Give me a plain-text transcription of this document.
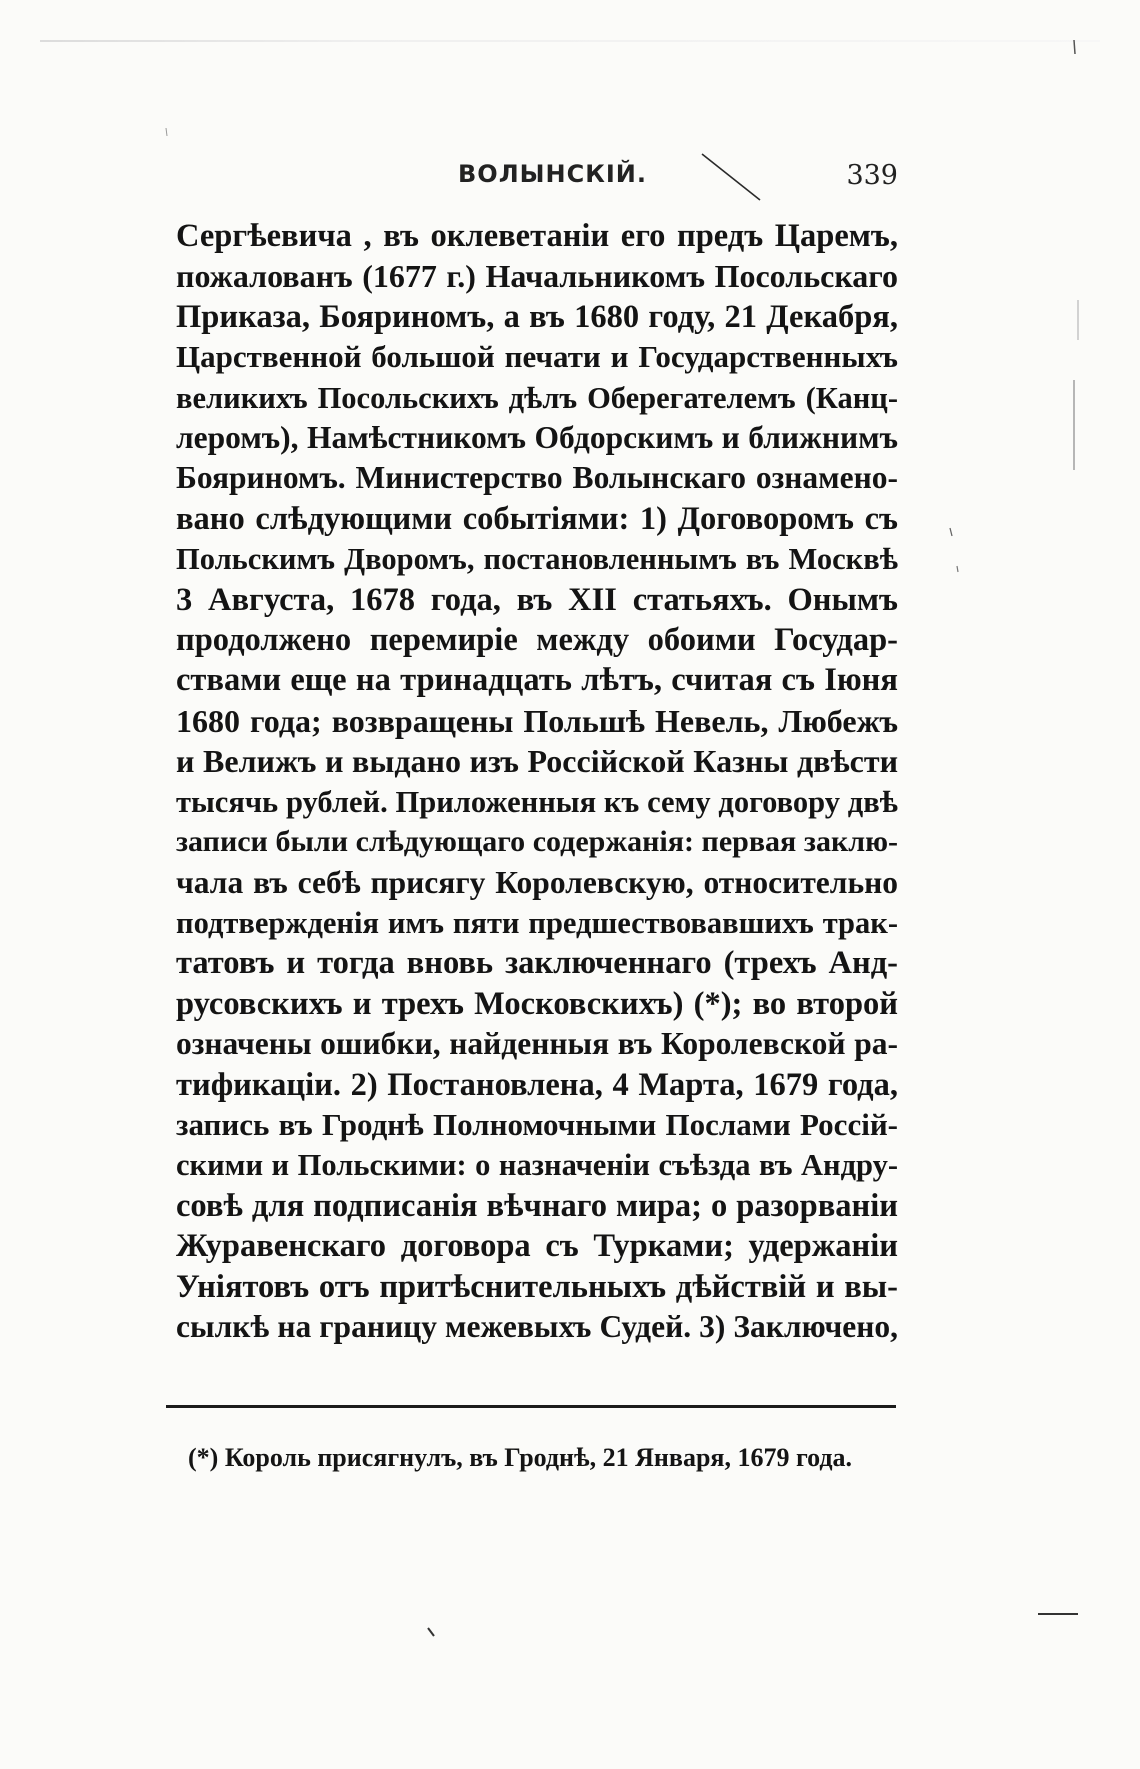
ВОЛЫНСКІЙ.	339
Сергѣевича , въ оклеветаніи его предъ Царемъ,
пожалованъ (1677 г.) Начальникомъ Посольскаго
Приказа, Бояриномъ, а въ 1680 году, 21 Декабря,
Царственной большой печати и Государственныхъ
великихъ Посольскихъ дѣлъ Оберегателемъ (Канц-
леромъ), Намѣстникомъ Обдорскимъ и ближнимъ
Бояриномъ. Министерство Волынскаго ознамено-
вано слѣдующими событіями: 1) Договоромъ съ
Польскимъ Дворомъ, постановленнымъ въ Москвѣ
3 Августа, 1678 года, въ XII статьяхъ. Онымъ
продолжено перемиріе между обоими Государ-
ствами еще на тринадцать лѣтъ, считая съ Іюня
1680 года; возвращены Польшѣ Невель, Любежъ
и Велижъ и выдано изъ Россійской Казны двѣсти
тысячь рублей. Приложенныя къ сему договору двѣ
записи были слѣдующаго содержанія: первая заклю-
чала въ себѣ присягу Королевскую, относительно
подтвержденія имъ пяти предшествовавшихъ трак-
татовъ и тогда вновь заключеннаго (трехъ Анд-
русовскихъ и трехъ Московскихъ) (*); во второй
означены ошибки, найденныя въ Королевской ра-
тификаціи. 2) Постановлена, 4 Марта, 1679 года,
запись въ Гроднѣ Полномочными Послами Россій-
скими и Польскими: о назначеніи съѣзда въ Андру-
совѣ для подписанія вѣчнаго мира; о разорваніи
Журавенскаго договора съ Турками; удержаніи
Уніятовъ отъ притѣснительныхъ дѣйствій и вы-
сылкѣ на границу межевыхъ Судей. 3) Заключено,

(*) Король присягнулъ, въ Гроднѣ, 21 Января, 1679 года.
